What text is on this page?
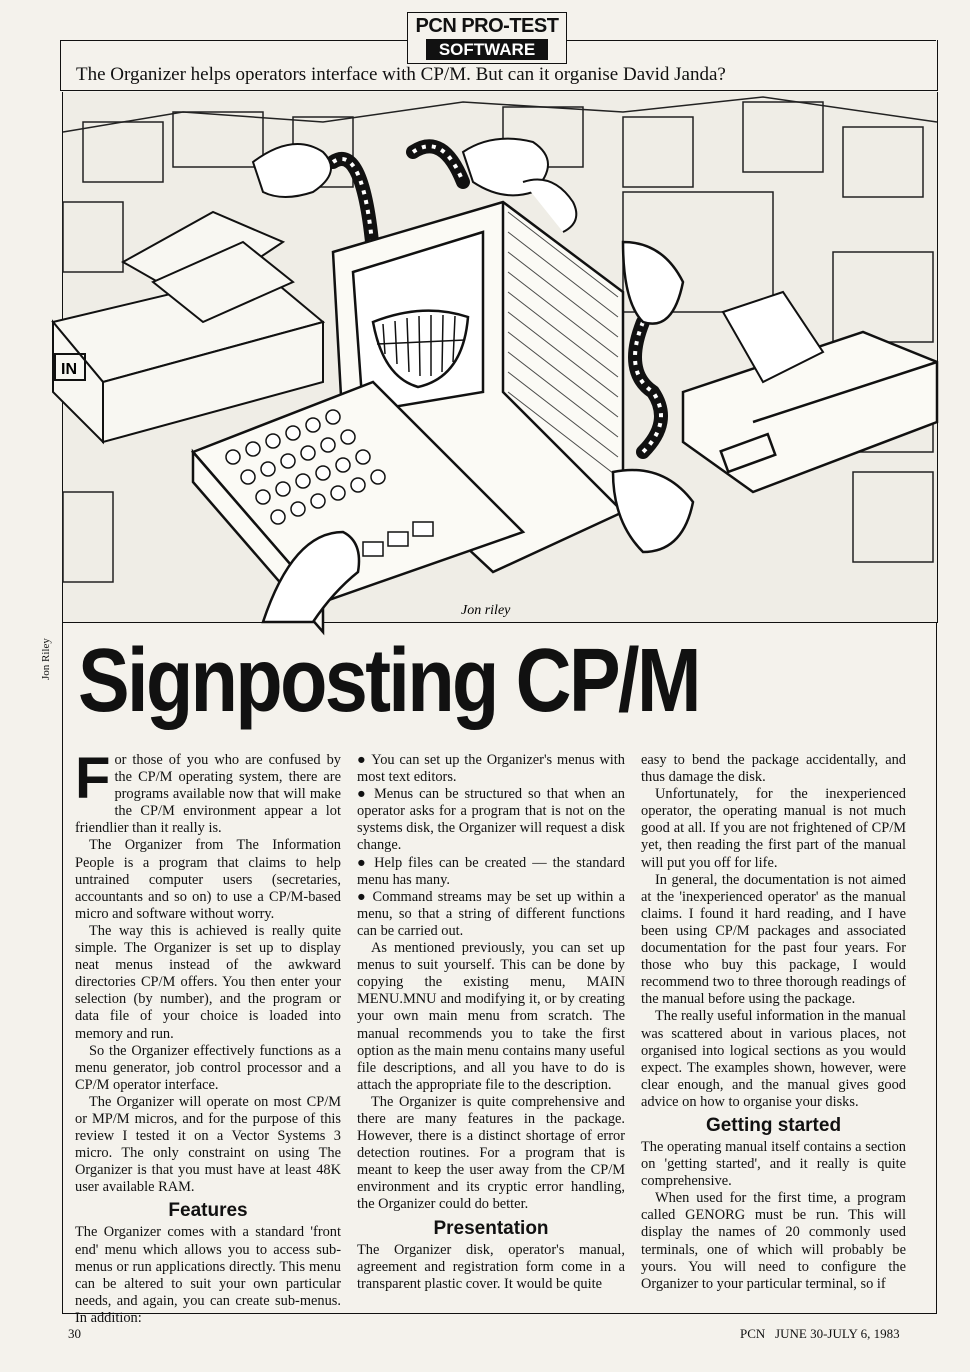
PCN PRO-TEST
SOFTWARE
The Organizer helps operators interface with CP/M. But can it organise David Janda?
IN
Jon riley
Jon Riley Signposting CP/M

For those of you who are confused by the CP/M operating system, there are programs available now that will make the CP/M environment appear a lot friendlier than it really is.

The Organizer from The Information People is a program that claims to help untrained computer users (secretaries, accountants and so on) to use a CP/M-based micro and software without worry.

The way this is achieved is really quite simple. The Organizer is set up to display neat menus instead of the awkward directories CP/M offers. You then enter your selection (by number), and the program or data file of your choice is loaded into memory and run.

So the Organizer effectively functions as a menu generator, job control processor and a CP/M operator interface.

The Organizer will operate on most CP/M or MP/M micros, and for the purpose of this review I tested it on a Vector Systems 3 micro. The only constraint on using The Organizer is that you must have at least 48K user available RAM.

Features

The Organizer comes with a standard 'front end' menu which allows you to access sub-menus or run applications directly. This menu can be altered to suit your own particular needs, and again, you can create sub-menus. In addition:

● You can set up the Organizer's menus with most text editors.

● Menus can be structured so that when an operator asks for a program that is not on the systems disk, the Organizer will request a disk change.

● Help files can be created — the standard menu has many.

● Command streams may be set up within a menu, so that a string of different functions can be carried out.

As mentioned previously, you can set up menus to suit yourself. This can be done by copying the existing menu, MAIN MENU.MNU and modifying it, or by creating your own main menu from scratch. The manual recommends you to take the first option as the main menu contains many useful file descriptions, and all you have to do is attach the appropriate file to the description.

The Organizer is quite comprehensive and there are many features in the package. However, there is a distinct shortage of error detection routines. For a program that is meant to keep the user away from the CP/M environment and its cryptic error handling, the Organizer could do better.

Presentation

The Organizer disk, operator's manual, agreement and registration form come in a transparent plastic cover. It would be quite

easy to bend the package accidentally, and thus damage the disk.

Unfortunately, for the inexperienced operator, the operating manual is not much good at all. If you are not frightened of CP/M yet, then reading the first part of the manual will put you off for life.

In general, the documentation is not aimed at the 'inexperienced operator' as the manual claims. I found it hard reading, and I have been using CP/M packages and associated documentation for the past four years. For those who buy this package, I would recommend two to three thorough readings of the manual before using the package.

The really useful information in the manual was scattered about in various places, not organised into logical sections as you would expect. The examples shown, however, were clear enough, and the manual gives good advice on how to organise your disks.

Getting started

The operating manual itself contains a section on 'getting started', and it really is quite comprehensive.

When used for the first time, a program called GENORG must be run. This will display the names of 20 commonly used terminals, one of which will probably be yours. You will need to configure the Organizer to your particular terminal, so if

30	PCN   JUNE 30-JULY 6, 1983
